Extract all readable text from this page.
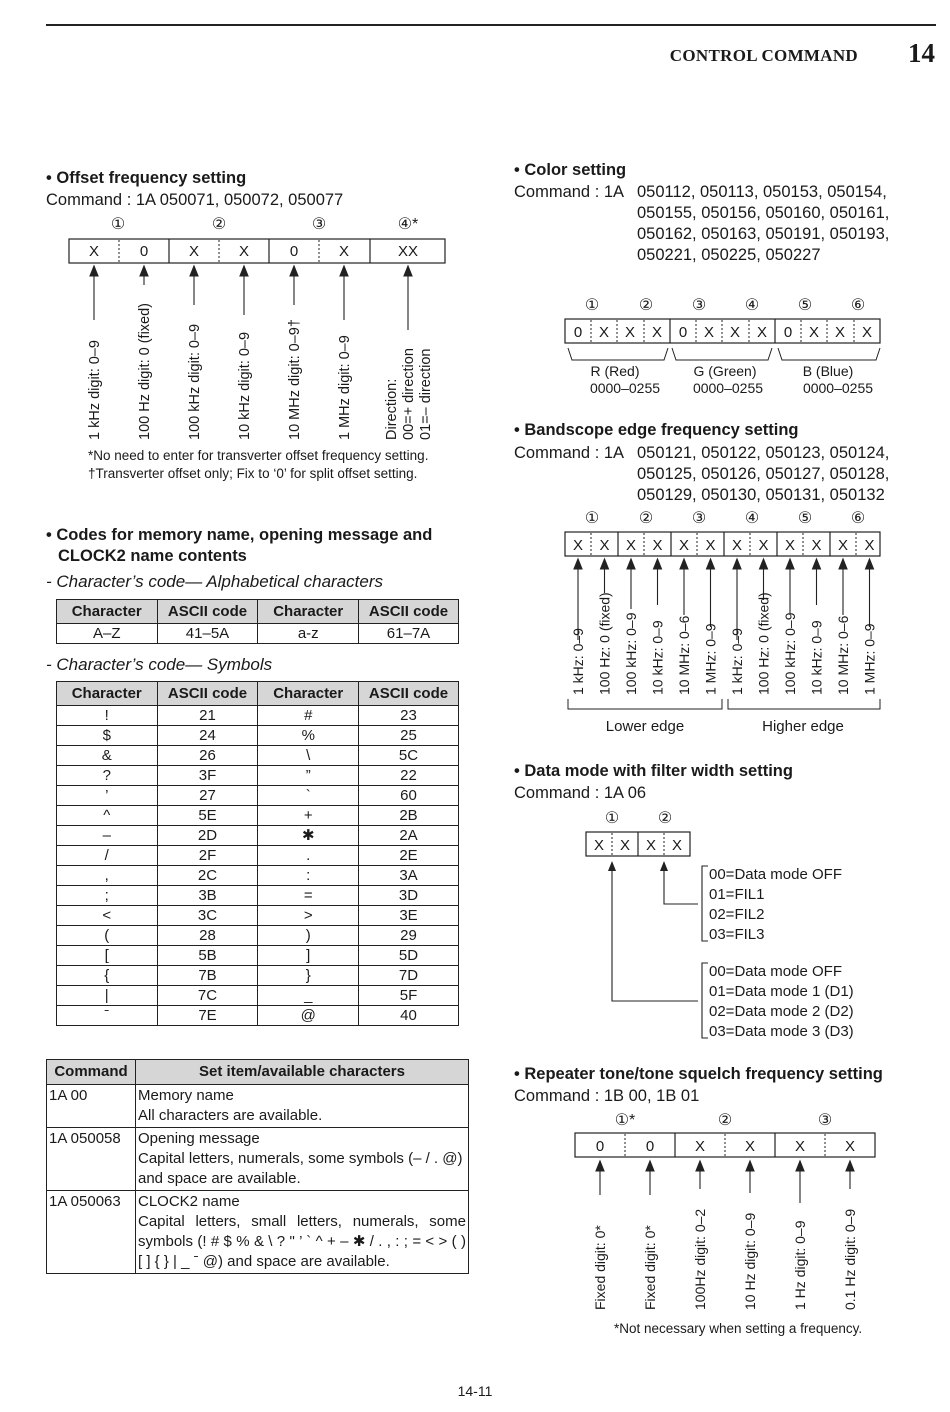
CONTROL COMMAND 14
• Offset frequency setting
Command : 1A 050071, 050072, 050077
①	②	③	④*
X	0	X	X	0	X	XX
1 kHz digit: 0–9 100 Hz digit: 0 (fixed) 100 kHz digit: 0–9 10 kHz digit: 0–9 10 MHz digit: 0–9† 1 MHz digit: 0–9 Direction: 00=+ direction 01=– direction
*No need to enter for transverter offset frequency setting.
†Transverter offset only; Fix to ‘0’ for split offset setting.
• Codes for memory name, opening message and
CLOCK2 name contents
- Character’s code— Alphabetical characters
Character	ASCII code	Character	ASCII code
A–Z	41–5A	a-z	61–7A
- Character’s code— Symbols
Character	ASCII code	Character	ASCII code
!	21	#	23
$	24	%	25
&	26	\	5C
?	3F	”	22
’	27	`	60
^	5E	+	2B
–	2D	✱	2A
/	2F	.	2E
,	2C	:	3A
;	3B	=	3D
<	3C	>	3E
(	28	)	29
[	5B	]	5D
{	7B	}	7D
|	7C	_	5F
ˉ	7E	@	40
Command	Set item/available characters
1A 00	Memory name
All characters are available.

1A 050058	Opening message
Capital letters, numerals, some symbols (– / . @) and space are available.

1A 050063	CLOCK2 name
Capital letters, small letters, numerals, some symbols (! # $ % & \ ? " ’ ` ^ + – ✱ / . , : ; = < > ( ) [ ] { } | _ ˉ @) and space are available.
• Color setting
Command : 1A 050112, 050113, 050153, 050154,
050155, 050156, 050160, 050161,
050162, 050163, 050191, 050193,
050221, 050225, 050227
① ② ③ ④ ⑤ ⑥
0 X X X 0 X X X 0 X X X
R (Red)
0000–0255
G (Green)
0000–0255
B (Blue)
0000–0255
• Bandscope edge frequency setting
Command : 1A 050121, 050122, 050123, 050124,
050125, 050126, 050127, 050128,
050129, 050130, 050131, 050132
① ② ③ ④ ⑤ ⑥
X X X X X X X X X X X X
1 kHz: 0–9 100 Hz: 0 (fixed) 100 kHz: 0–9 10 kHz: 0–9 10 MHz: 0–6 1 MHz: 0–9 1 kHz: 0–9 100 Hz: 0 (fixed) 100 kHz: 0–9 10 kHz: 0–9 10 MHz: 0–6 1 MHz: 0–9
Lower edge	Higher edge
• Data mode with filter width setting
Command : 1A 06
① ②
X X X X
00=Data mode OFF
01=FIL1
02=FIL2
03=FIL3
00=Data mode OFF
01=Data mode 1 (D1)
02=Data mode 2 (D2)
03=Data mode 3 (D3)
• Repeater tone/tone squelch frequency setting
Command : 1B 00, 1B 01
①*	②	③
0	0	X	X	X	X
Fixed digit: 0* Fixed digit: 0* 100Hz digit: 0–2 10 Hz digit: 0–9 1 Hz digit: 0–9 0.1 Hz digit: 0–9
*Not necessary when setting a frequency.
14-11
